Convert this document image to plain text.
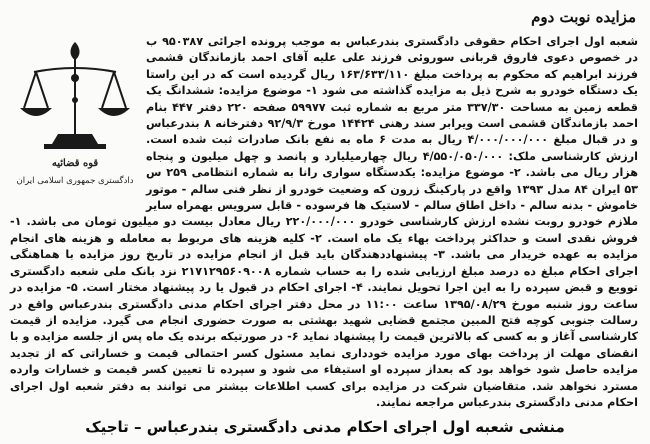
مزایده نوبت دوم
قوه قضائیه
دادگستری جمهوری اسلامی ایران
شعبه اول اجرای احکام حقوقی دادگستری بندرعباس به موجب پرونده اجرائی ۹۵۰۳۸۷ ب در خصوص دعوی فاروق قربانی سوروئی فرزند علی علیه آقای احمد بازماندگان قشمی فرزند ابراهیم که محکوم به پرداخت مبلغ ۱۶۳/۶۳۳/۱۱۰ ریال گردیده است که در این راستا یک دستگاه خودرو به شرح ذیل به مزایده گذاشته می شود ۱- موضوع مزایده: ششدانگ یک قطعه زمین به مساحت ۳۳۷/۳۰ متر مربع به شماره ثبت ۵۹۹۷۷ صفحه ۲۲۰ دفتر ۴۴۷ بنام احمد بازماندگان قشمی است ویرابر سند رهنی ۱۴۴۲۴ مورخ ۹۲/۹/۳ دفترخانه ۸ بندرعباس و در قبال مبلغ ۴/۰۰۰/۰۰۰/۰۰۰ ریال به مدت ۶ ماه به نفع بانک صادرات ثبت شده است. ارزش کارشناسی ملک: ۴/۵۵۰/۰۵۰/۰۰۰ ریال چهارمیلیارد و پانصد و چهل میلیون و پنجاه هزار ریال می باشد. ۲- موضوع مزایده: یکدستگاه سواری رانا به شماره انتظامی ۲۵۹ س ۵۳ ایران ۸۴ مدل ۱۳۹۳ واقع در پارکینگ زرون که وضعیت خودرو از نظر فنی سالم - موتور خاموش - بدنه سالم - داخل اطاق سالم - لاستیک ها فرسوده - قابل سرویس بهمراه سایر ملازم خودرو روبت نشده ارزش کارشناسی خودرو ۲۲۰/۰۰۰/۰۰۰ ریال معادل بیست دو میلیون تومان می باشد. ۱- فروش نقدی است و حداکثر پرداخت بهاء یک ماه است. ۲- کلیه هزینه های مربوط به معامله و هزینه های انجام مزایده به عهده خریدار می باشد. ۳- پیشنهاددهندگان باید قبل از انجام مزایده در تاریخ روز مزایده با هماهنگی اجرای احکام مبلغ ده درصد مبلغ ارزیابی شده را به حساب شماره ۲۱۷۱۲۹۵۶۰۹۰۰۸ نزد بانک ملی شعبه دادگستری توویع و قبض سپرده را به این اجرا تحویل نمایند. ۴- اجرای احکام در قبول یا رد پیشنهاد مختار است. ۵- مزایده در ساعت روز شنبه مورخ ۱۳۹۵/۰۸/۲۹ ساعت ۱۱:۰۰ در محل دفتر اجرای احکام مدنی دادگستری بندرعباس واقع در رسالت جنوبی کوچه فتح المبین مجتمع قضایی شهید بهشتی به صورت حضوری انجام می گیرد. مزایده از قیمت کارشناسی آغاز و به کسی که بالاترین قیمت را پیشنهاد نماید ۶- در صورتیکه برنده یک ماه پس از جلسه مزایده و با انقضای مهلت از پرداخت بهای مورد مزایده خودداری نماید مسئول کسر احتمالی قیمت و خساراتی که از تجدید مزایده حاصل شود خواهد بود که بعداز سپرده او استیفاء می شود و سپرده تا تعیین کسر قیمت و خسارات وارده مسترد نخواهد شد. متقاضیان شرکت در مزایده برای کسب اطلاعات بیشتر می توانند به دفتر شعبه اول اجرای احکام مدنی دادگستری بندرعباس مراجعه نمایند.
منشی شعبه اول اجرای احکام مدنی دادگستری بندرعباس – تاجیک
